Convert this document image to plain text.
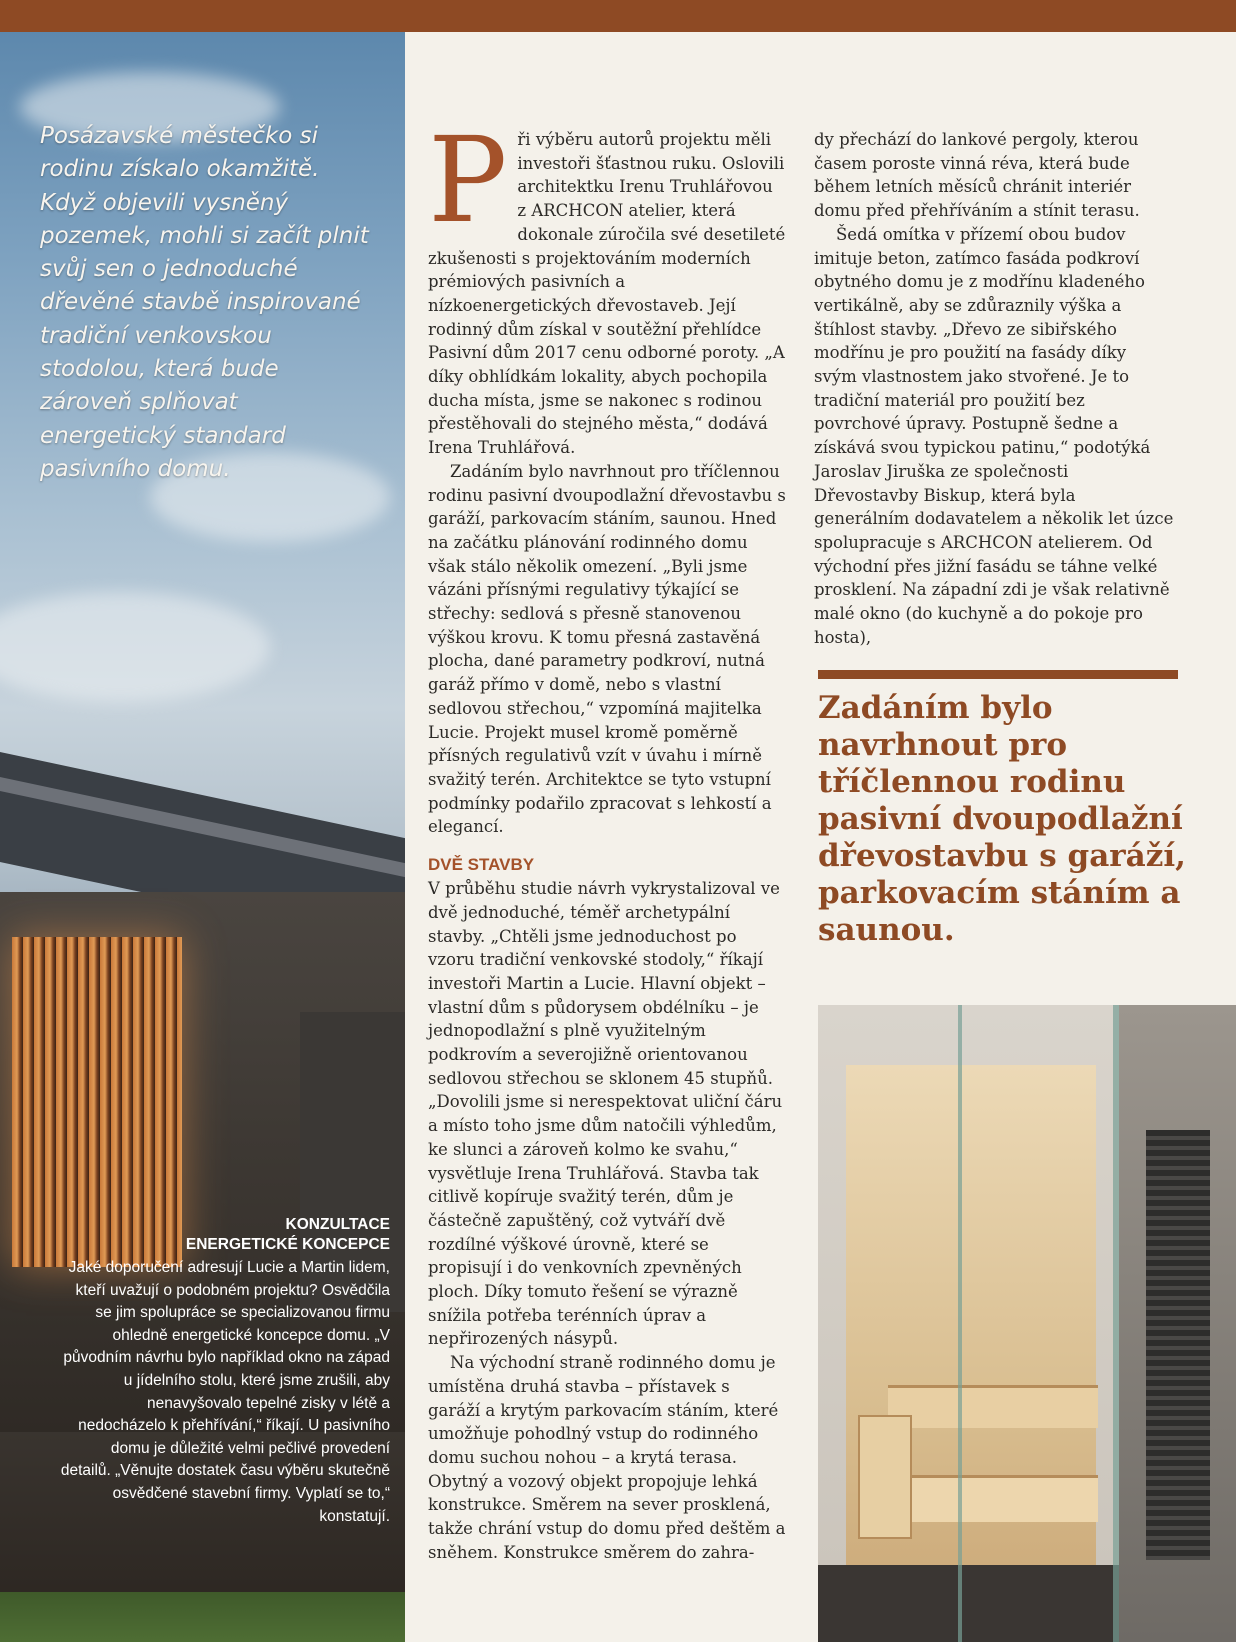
Posázavské městečko si rodinu získalo okamžitě. Když objevili vysněný pozemek, mohli si začít plnit svůj sen o jednoduché dřevěné stavbě inspirované tradiční venkovskou stodolou, která bude zároveň splňovat energetický standard pasivního domu.

KONZULTACE
ENERGETICKÉ KONCEPCE

Jaké doporučení adresují Lucie a Martin lidem, kteří uvažují o podobném projektu? Osvědčila se jim spolupráce se specializovanou firmu ohledně energetické koncepce domu. „V původním návrhu bylo například okno na západ u jídelního stolu, které jsme zrušili, aby nenavyšovalo tepelné zisky v létě a nedocházelo k přehřívání,“ říkají. U pasivního domu je důležité velmi pečlivé provedení detailů. „Věnujte dostatek času výběru skutečně osvědčené stavební firmy. Vyplatí se to,“ konstatují.

P ři výběru autorů projektu měli investoři šťastnou ruku. Oslovili architektku Irenu Truhlářovou z ARCHCON atelier, která dokonale zúročila své desetileté zkušenosti s projektováním moderních prémiových pasivních a nízkoenergetických dřevostaveb. Její rodinný dům získal v soutěžní přehlídce Pasivní dům 2017 cenu odborné poroty. „A díky obhlídkám lokality, abych pochopila ducha místa, jsme se nakonec s rodinou přestěhovali do stejného města,“ dodává Irena Truhlářová.

Zadáním bylo navrhnout pro tříčlennou rodinu pasivní dvoupodlažní dřevostavbu s garáží, parkovacím stáním, saunou. Hned na začátku plánování rodinného domu však stálo několik omezení. „Byli jsme vázáni přísnými regulativy týkající se střechy: sedlová s přesně stanovenou výškou krovu. K tomu přesná zastavěná plocha, dané parametry podkroví, nutná garáž přímo v domě, nebo s vlastní sedlovou střechou,“ vzpomíná majitelka Lucie. Projekt musel kromě poměrně přísných regulativů vzít v úvahu i mírně svažitý terén. Architektce se tyto vstupní podmínky podařilo zpracovat s lehkostí a elegancí.

DVĚ STAVBY

V průběhu studie návrh vykrystalizoval ve dvě jednoduché, téměř archetypální stavby. „Chtěli jsme jednoduchost po vzoru tradiční venkovské stodoly,“ říkají investoři Martin a Lucie. Hlavní objekt – vlastní dům s půdorysem obdélníku – je jednopodlažní s plně využitelným podkrovím a severojižně orientovanou sedlovou střechou se sklonem 45 stupňů. „Dovolili jsme si nerespektovat uliční čáru a místo toho jsme dům natočili výhledům, ke slunci a zároveň kolmo ke svahu,“ vysvětluje Irena Truhlářová. Stavba tak citlivě kopíruje svažitý terén, dům je částečně zapuštěný, což vytváří dvě rozdílné výškové úrovně, které se propisují i do venkovních zpevněných ploch. Díky tomuto řešení se výrazně snížila potřeba terénních úprav a nepřirozených násypů.

Na východní straně rodinného domu je umístěna druhá stavba – přístavek s garáží a krytým parkovacím stáním, které umožňuje pohodlný vstup do rodinného domu suchou nohou – a krytá terasa. Obytný a vozový objekt propojuje lehká konstrukce. Směrem na sever prosklená, takže chrání vstup do domu před deštěm a sněhem. Konstrukce směrem do zahra-

dy přechází do lankové pergoly, kterou časem poroste vinná réva, která bude během letních měsíců chránit interiér domu před přehříváním a stínit terasu.

Šedá omítka v přízemí obou budov imituje beton, zatímco fasáda podkroví obytného domu je z modřínu kladeného vertikálně, aby se zdůraznily výška a štíhlost stavby. „Dřevo ze sibiřského modřínu je pro použití na fasády díky svým vlastnostem jako stvořené. Je to tradiční materiál pro použití bez povrchové úpravy. Postupně šedne a získává svou typickou patinu,“ podotýká Jaroslav Jiruška ze společnosti Dřevostavby Biskup, která byla generálním dodavatelem a několik let úzce spolupracuje s ARCHCON atelierem. Od východní přes jižní fasádu se táhne velké prosklení. Na západní zdi je však relativně malé okno (do kuchyně a do pokoje pro hosta),

Zadáním bylo navrhnout pro tříčlennou rodinu pasivní dvoupodlažní dřevostavbu s garáží, parkovacím stáním a saunou.
